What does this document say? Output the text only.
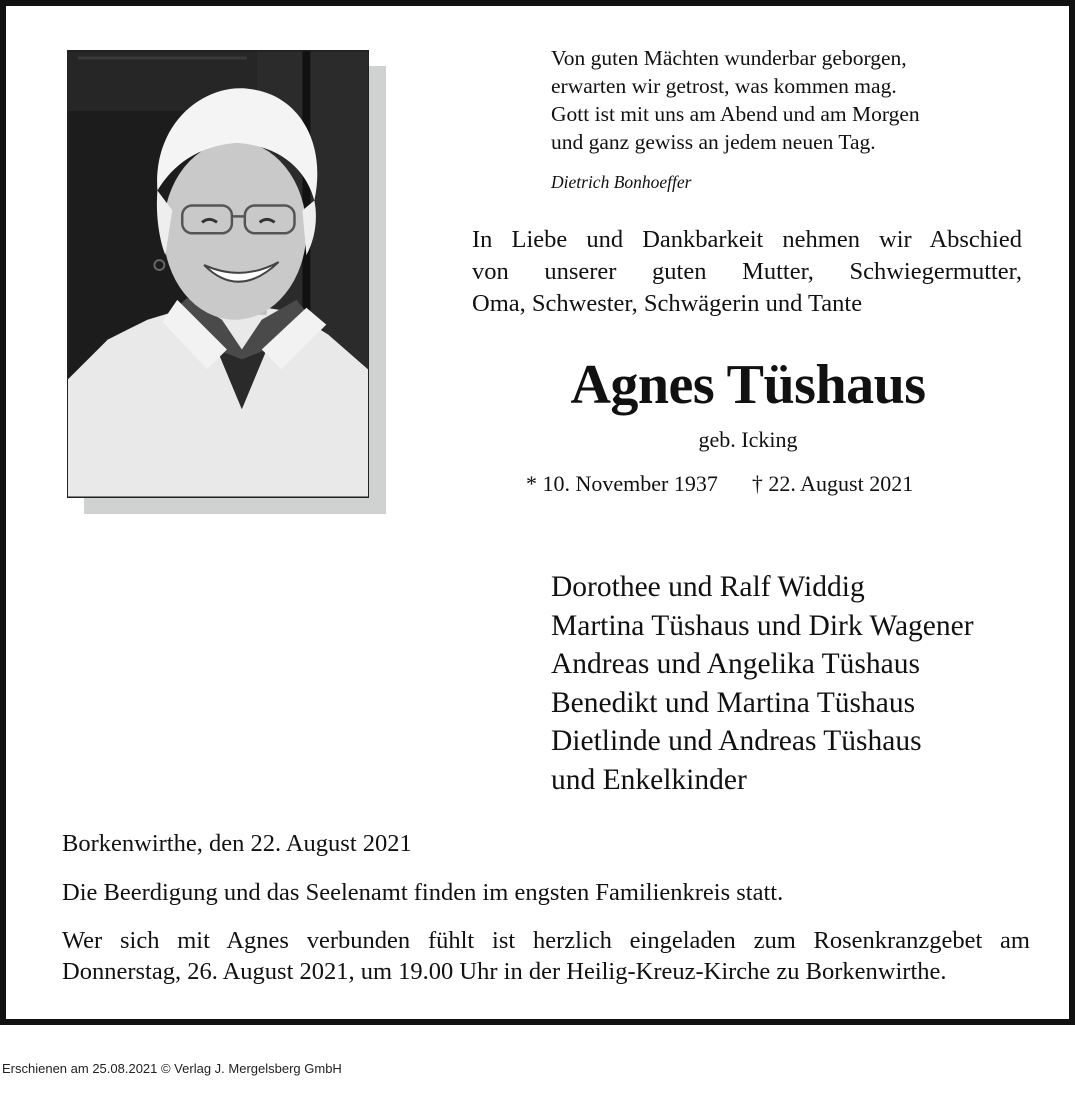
Von guten Mächten wunderbar geborgen,
erwarten wir getrost, was kommen mag.
Gott ist mit uns am Abend und am Morgen
und ganz gewiss an jedem neuen Tag.
Dietrich Bonhoeffer
In Liebe und Dankbarkeit nehmen wir Abschied
von unserer guten Mutter, Schwiegermutter,
Oma, Schwester, Schwägerin und Tante
Agnes Tüshaus
geb. Icking
* 10. November 1937 † 22. August 2021
Dorothee und Ralf Widdig
Martina Tüshaus und Dirk Wagener
Andreas und Angelika Tüshaus
Benedikt und Martina Tüshaus
Dietlinde und Andreas Tüshaus
und Enkelkinder
Borkenwirthe, den 22. August 2021
Die Beerdigung und das Seelenamt finden im engsten Familienkreis statt.
Wer sich mit Agnes verbunden fühlt ist herzlich eingeladen zum Rosenkranzgebet am
Donnerstag, 26. August 2021, um 19.00 Uhr in der Heilig-Kreuz-Kirche zu Borkenwirthe.
Erschienen am 25.08.2021 © Verlag J. Mergelsberg GmbH
